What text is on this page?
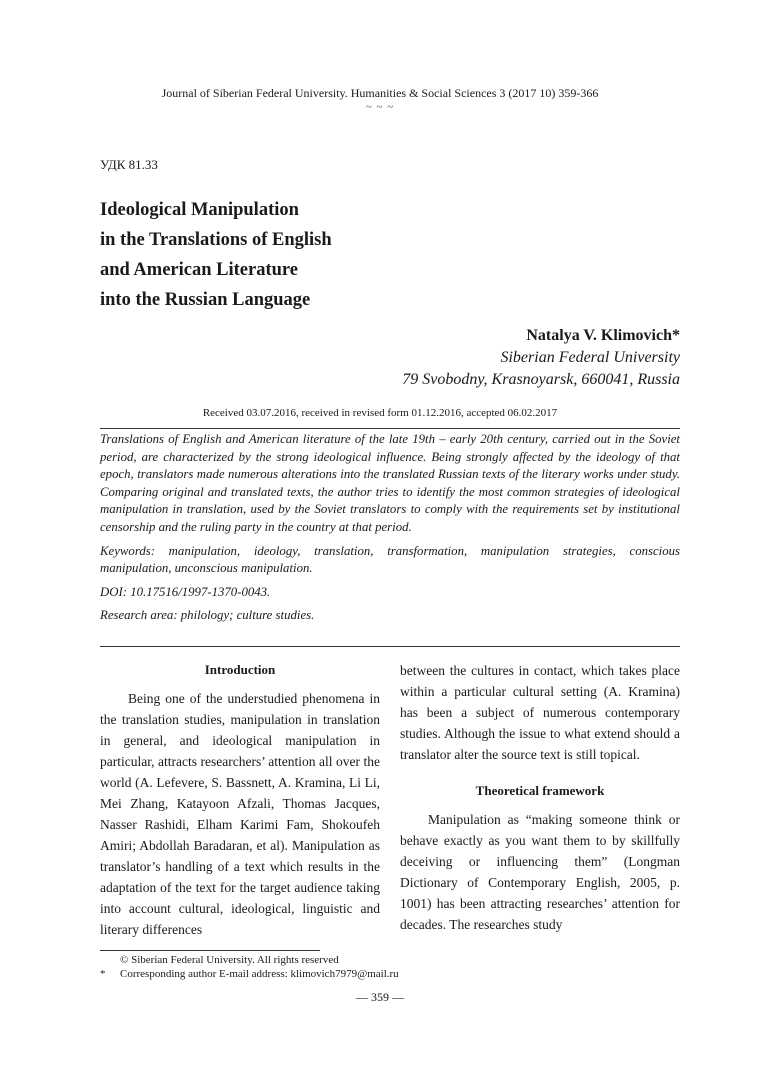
Journal of Siberian Federal University. Humanities & Social Sciences 3 (2017 10) 359-366
~ ~ ~
УДК 81.33
Ideological Manipulation
in the Translations of English
and American Literature
into the Russian Language
Natalya V. Klimovich*
Siberian Federal University
79 Svobodny, Krasnoyarsk, 660041, Russia
Received 03.07.2016, received in revised form 01.12.2016, accepted 06.02.2017

Translations of English and American literature of the late 19th – early 20th century, carried out in the Soviet period, are characterized by the strong ideological influence. Being strongly affected by the ideology of that epoch, translators made numerous alterations into the translated Russian texts of the literary works under study. Comparing original and translated texts, the author tries to identify the most common strategies of ideological manipulation in translation, used by the Soviet translators to comply with the requirements set by institutional censorship and the ruling party in the country at that period.

Keywords: manipulation, ideology, translation, transformation, manipulation strategies, conscious manipulation, unconscious manipulation.

DOI: 10.17516/1997-1370-0043.

Research area: philology; culture studies.

Introduction

Being one of the understudied phenomena in the translation studies, manipulation in translation in general, and ideological manipulation in particular, attracts researchers’ attention all over the world (A. Lefevere, S. Bassnett, A. Kramina, Li Li, Mei Zhang, Katayoon Afzali, Thomas Jacques, Nasser Rashidi, Elham Karimi Fam, Shokoufeh Amiri; Abdollah Baradaran, et al). Manipulation as translator’s handling of a text which results in the adaptation of the text for the target audience taking into account cultural, ideological, linguistic and literary differences

between the cultures in contact, which takes place within a particular cultural setting (A. Kramina) has been a subject of numerous contemporary studies. Although the issue to what extend should a translator alter the source text is still topical.

Theoretical framework

Manipulation as “making someone think or behave exactly as you want them to by skillfully deceiving or influencing them” (Longman Dictionary of Contemporary English, 2005, p. 1001) has been attracting researches’ attention for decades. The researches study

© Siberian Federal University. All rights reserved
* Corresponding author E-mail address: klimovich7979@mail.ru
— 359 —
